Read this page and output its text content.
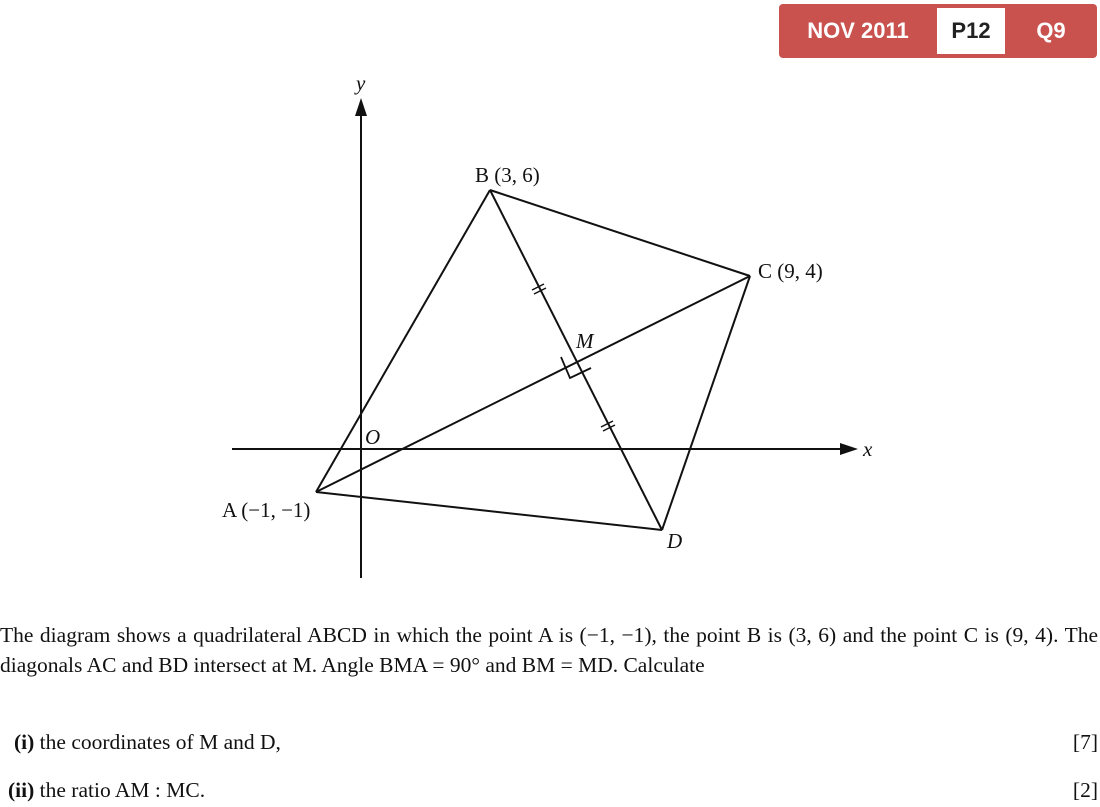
NOV 2011	P12	Q9
y
x
O
A (−1, −1)
B (3, 6)
C (9, 4)
M
D

The diagram shows a quadrilateral ABCD in which the point A is (−1, −1), the point B is (3, 6) and the point C is (9, 4). The diagonals AC and BD intersect at M. Angle BMA = 90° and BM = MD. Calculate

(i) the coordinates of M and D,	[7]
(ii) the ratio AM : MC.	[2]
